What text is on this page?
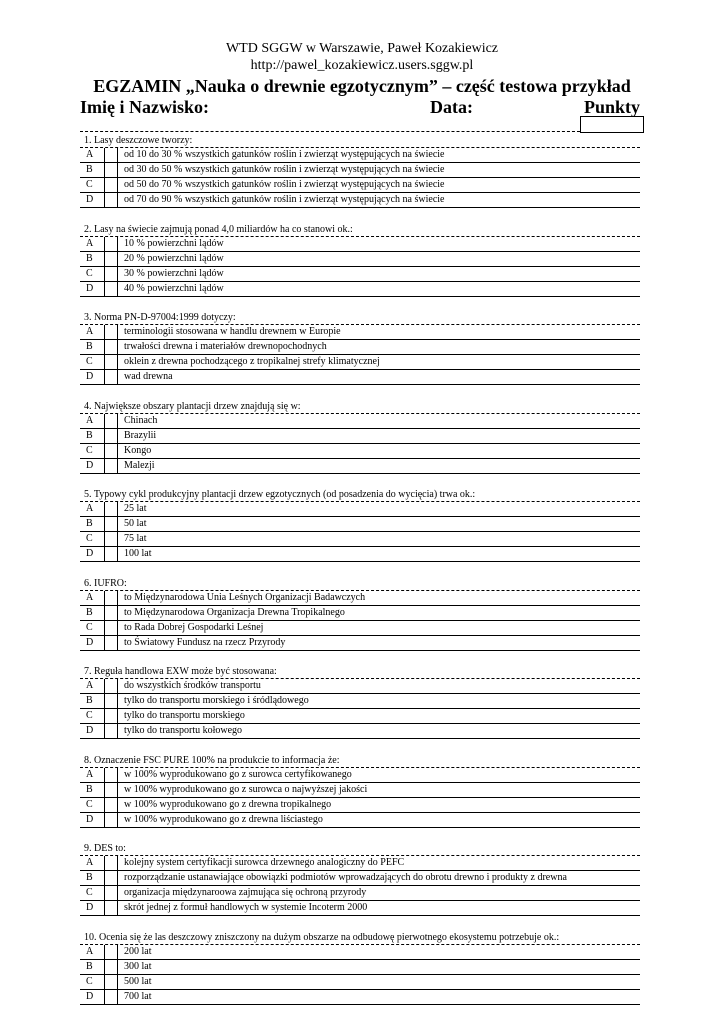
WTD SGGW w Warszawie, Paweł Kozakiewicz
http://pawel_kozakiewicz.users.sggw.pl
EGZAMIN „Nauka o drewnie egzotycznym” – część testowa przykład
Imię i Nazwisko:	Data:	Punkty
1. Lasy deszczowe tworzy:
A	od 10 do 30 % wszystkich gatunków roślin i zwierząt występujących na świecie
B	od 30 do 50 % wszystkich gatunków roślin i zwierząt występujących na świecie
C	od 50 do 70 % wszystkich gatunków roślin i zwierząt występujących na świecie
D	od 70 do 90 % wszystkich gatunków roślin i zwierząt występujących na świecie
2. Lasy na świecie zajmują ponad 4,0 miliardów ha co stanowi ok.:
A	10 % powierzchni lądów
B	20 % powierzchni lądów
C	30 % powierzchni lądów
D	40 % powierzchni lądów
3. Norma PN-D-97004:1999 dotyczy:
A	terminologii stosowana w handlu drewnem w Europie
B	trwałości drewna i materiałów drewnopochodnych
C	oklein z drewna pochodzącego z tropikalnej strefy klimatycznej
D	wad drewna
4. Największe obszary plantacji drzew znajdują się w:
A	Chinach
B	Brazylii
C	Kongo
D	Malezji
5. Typowy cykl produkcyjny plantacji drzew egzotycznych (od posadzenia do wycięcia) trwa ok.:
A	25 lat
B	50 lat
C	75 lat
D	100 lat
6. IUFRO:
A	to Międzynarodowa Unia Leśnych Organizacji Badawczych
B	to Międzynarodowa Organizacja Drewna Tropikalnego
C	to Rada Dobrej Gospodarki Leśnej
D	to Światowy Fundusz na rzecz Przyrody
7. Reguła handlowa EXW może być stosowana:
A	do wszystkich środków transportu
B	tylko do transportu morskiego i śródlądowego
C	tylko do transportu morskiego
D	tylko do transportu kołowego
8. Oznaczenie FSC PURE 100% na produkcie to informacja że:
A	w 100% wyprodukowano go z surowca certyfikowanego
B	w 100% wyprodukowano go z surowca o najwyższej jakości
C	w 100% wyprodukowano go z drewna tropikalnego
D	w 100% wyprodukowano go z drewna liściastego
9. DES to:
A	kolejny system certyfikacji surowca drzewnego analogiczny do PEFC
B	rozporządzanie ustanawiające obowiązki podmiotów wprowadzających do obrotu drewno i produkty z drewna
C	organizacja międzynaroowa zajmująca się ochroną przyrody
D	skrót jednej z formuł handlowych w systemie Incoterm 2000
10. Ocenia się że las deszczowy zniszczony na dużym obszarze na odbudowę pierwotnego ekosystemu potrzebuje ok.:
A	200 lat
B	300 lat
C	500 lat
D	700 lat
